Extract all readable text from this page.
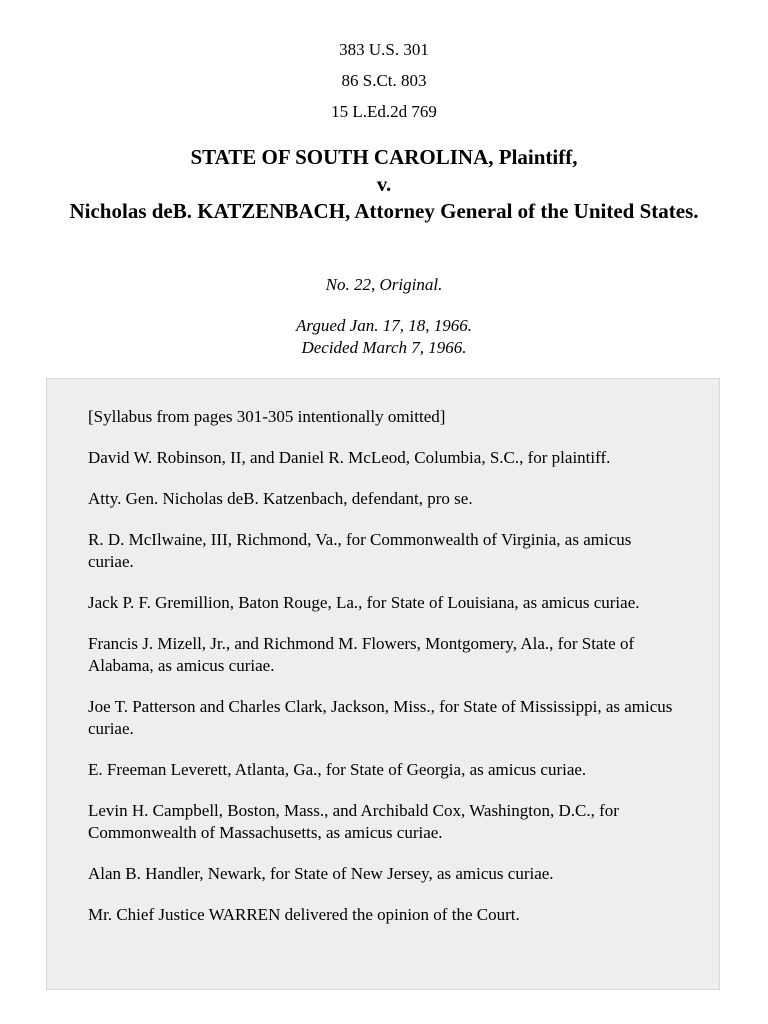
383 U.S. 301
86 S.Ct. 803
15 L.Ed.2d 769
STATE OF SOUTH CAROLINA, Plaintiff,
v.
Nicholas deB. KATZENBACH, Attorney General of the United States.
No. 22, Original.
Argued Jan. 17, 18, 1966.
Decided March 7, 1966.

[Syllabus from pages 301-305 intentionally omitted]

David W. Robinson, II, and Daniel R. McLeod, Columbia, S.C., for plaintiff.

Atty. Gen. Nicholas deB. Katzenbach, defendant, pro se.

R. D. McIlwaine, III, Richmond, Va., for Commonwealth of Virginia, as amicus curiae.

Jack P. F. Gremillion, Baton Rouge, La., for State of Louisiana, as amicus curiae.

Francis J. Mizell, Jr., and Richmond M. Flowers, Montgomery, Ala., for State of Alabama, as amicus curiae.

Joe T. Patterson and Charles Clark, Jackson, Miss., for State of Mississippi, as amicus curiae.

E. Freeman Leverett, Atlanta, Ga., for State of Georgia, as amicus curiae.

Levin H. Campbell, Boston, Mass., and Archibald Cox, Washington, D.C., for Commonwealth of Massachusetts, as amicus curiae.

Alan B. Handler, Newark, for State of New Jersey, as amicus curiae.

Mr. Chief Justice WARREN delivered the opinion of the Court.
